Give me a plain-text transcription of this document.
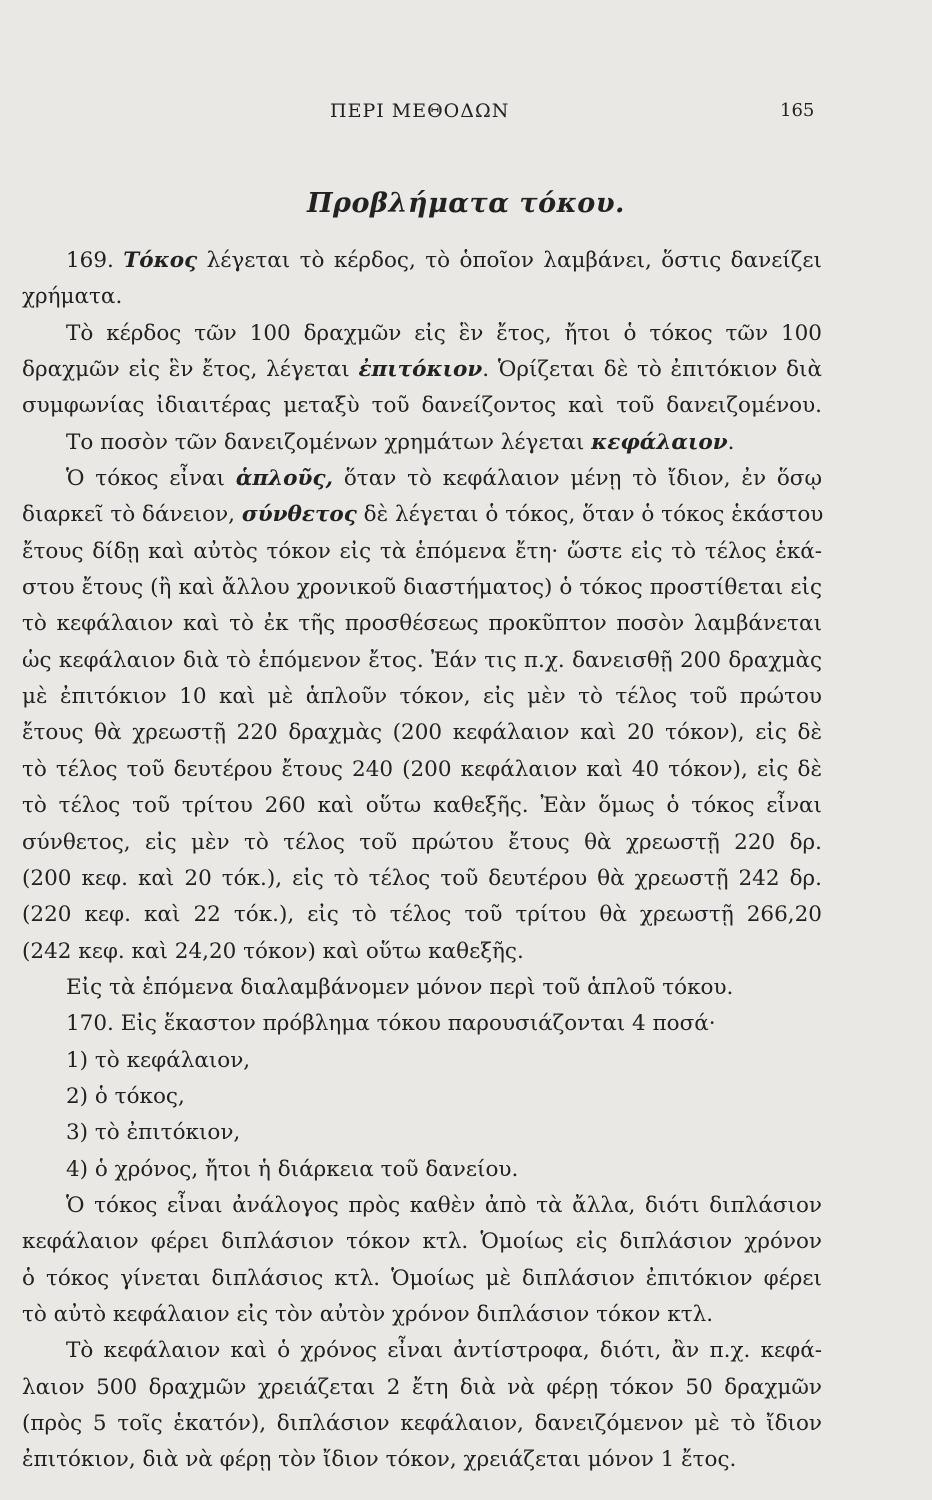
ΠΕΡΙ ΜΕΘΟΔΩΝ	165
Προβλήματα τόκου.
169. Τόκος λέγεται τὸ κέρδος, τὸ ὁποῖον λαμβάνει, ὅστις δανείζει
χρήματα.
Τὸ κέρδος τῶν 100 δραχμῶν εἰς ἓν ἔτος, ἤτοι ὁ τόκος τῶν 100
δραχμῶν εἰς ἓν ἔτος, λέγεται ἐπιτόκιον. Ὁρίζεται δὲ τὸ ἐπιτόκιον διὰ
συμφωνίας ἰδιαιτέρας μεταξὺ τοῦ δανείζοντος καὶ τοῦ δανειζομένου.
Το ποσὸν τῶν δανειζομένων χρημάτων λέγεται κεφάλαιον.
Ὁ τόκος εἶναι ἁπλοῦς, ὅταν τὸ κεφάλαιον μένῃ τὸ ἴδιον, ἐν ὅσῳ
διαρκεῖ τὸ δάνειον, σύνθετος δὲ λέγεται ὁ τόκος, ὅταν ὁ τόκος ἑκάστου
ἔτους δίδῃ καὶ αὐτὸς τόκον εἰς τὰ ἑπόμενα ἔτη· ὥστε εἰς τὸ τέλος ἑκά-
στου ἔτους (ἢ καὶ ἄλλου χρονικοῦ διαστήματος) ὁ τόκος προστίθεται εἰς
τὸ κεφάλαιον καὶ τὸ ἐκ τῆς προσθέσεως προκῦπτον ποσὸν λαμβάνεται
ὡς κεφάλαιον διὰ τὸ ἑπόμενον ἔτος. Ἐάν τις π.χ. δανεισθῇ 200 δραχμὰς
μὲ ἐπιτόκιον 10 καὶ μὲ ἁπλοῦν τόκον, εἰς μὲν τὸ τέλος τοῦ πρώτου
ἔτους θὰ χρεωστῇ 220 δραχμὰς (200 κεφάλαιον καὶ 20 τόκον), εἰς δὲ
τὸ τέλος τοῦ δευτέρου ἔτους 240 (200 κεφάλαιον καὶ 40 τόκον), εἰς δὲ
τὸ τέλος τοῦ τρίτου 260 καὶ οὕτω καθεξῆς. Ἐὰν ὅμως ὁ τόκος εἶναι
σύνθετος, εἰς μὲν τὸ τέλος τοῦ πρώτου ἔτους θὰ χρεωστῇ 220 δρ.
(200 κεφ. καὶ 20 τόκ.), εἰς τὸ τέλος τοῦ δευτέρου θὰ χρεωστῇ 242 δρ.
(220 κεφ. καὶ 22 τόκ.), εἰς τὸ τέλος τοῦ τρίτου θὰ χρεωστῇ 266,20
(242 κεφ. καὶ 24,20 τόκον) καὶ οὕτω καθεξῆς.
Εἰς τὰ ἑπόμενα διαλαμβάνομεν μόνον περὶ τοῦ ἁπλοῦ τόκου.
170. Εἰς ἕκαστον πρόβλημα τόκου παρουσιάζονται 4 ποσά·
1) τὸ κεφάλαιον,
2) ὁ τόκος,
3) τὸ ἐπιτόκιον,
4) ὁ χρόνος, ἤτοι ἡ διάρκεια τοῦ δανείου.
Ὁ τόκος εἶναι ἀνάλογος πρὸς καθὲν ἀπὸ τὰ ἄλλα, διότι διπλάσιον
κεφάλαιον φέρει διπλάσιον τόκον κτλ. Ὁμοίως εἰς διπλάσιον χρόνον
ὁ τόκος γίνεται διπλάσιος κτλ. Ὁμοίως μὲ διπλάσιον ἐπιτόκιον φέρει
τὸ αὐτὸ κεφάλαιον εἰς τὸν αὐτὸν χρόνον διπλάσιον τόκον κτλ.
Τὸ κεφάλαιον καὶ ὁ χρόνος εἶναι ἀντίστροφα, διότι, ἂν π.χ. κεφά-
λαιον 500 δραχμῶν χρειάζεται 2 ἔτη διὰ νὰ φέρῃ τόκον 50 δραχμῶν
(πρὸς 5 τοῖς ἑκατόν), διπλάσιον κεφάλαιον, δανειζόμενον μὲ τὸ ἴδιον
ἐπιτόκιον, διὰ νὰ φέρῃ τὸν ἴδιον τόκον, χρειάζεται μόνον 1 ἔτος.
